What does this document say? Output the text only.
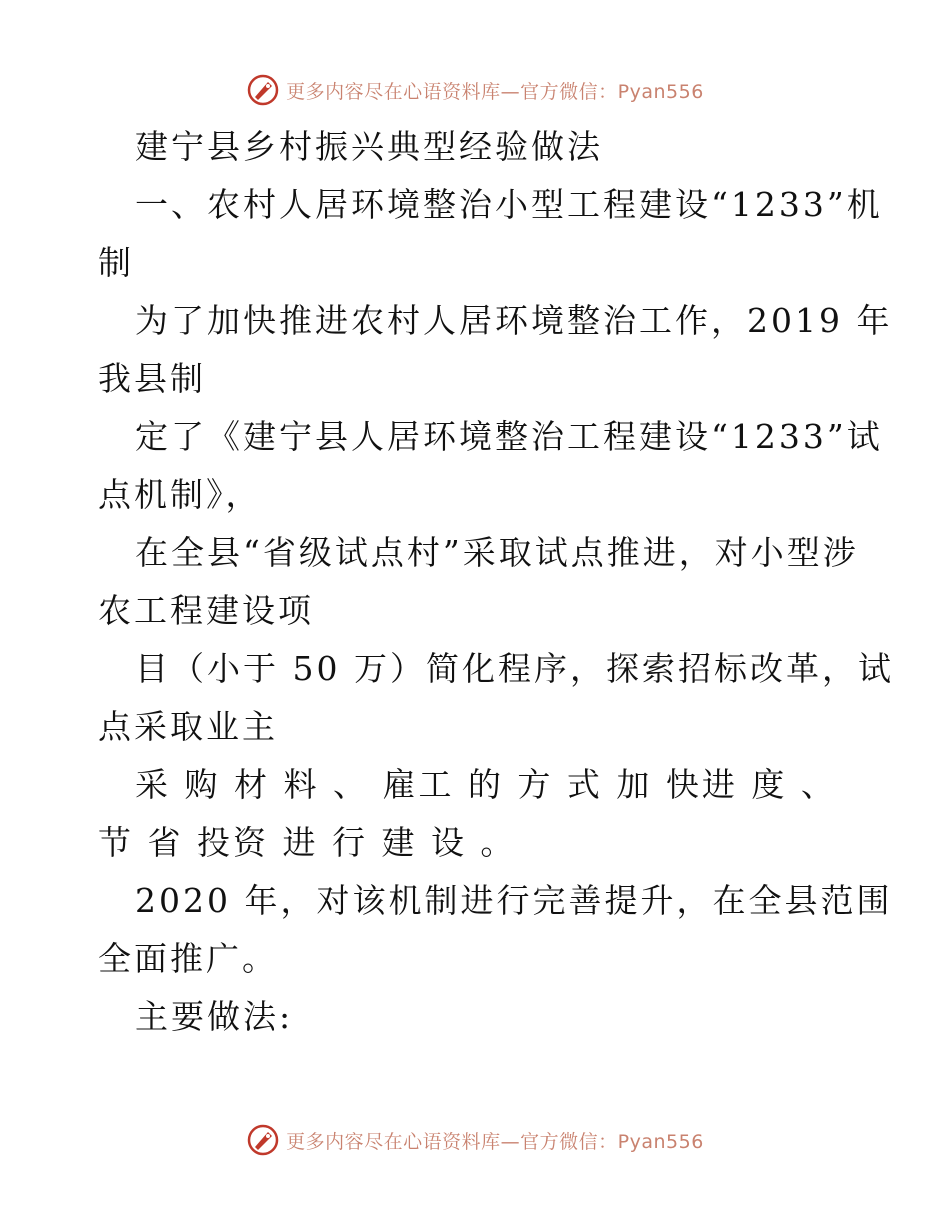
更多内容尽在心语资料库—官方微信：Pyan556
建宁县乡村振兴典型经验做法
一、农村人居环境整治小型工程建设“1233”机
制
为了加快推进农村人居环境整治工作，2019 年
我县制
定了《建宁县人居环境整治工程建设“1233”试
点机制》，
在全县“省级试点村”采取试点推进，对小型涉
农工程建设项
目（小于 50 万）简化程序，探索招标改革，试
点采取业主
采 购 材 料 、 雇工 的 方 式 加 快进 度 、
节 省 投资 进 行 建 设 。
2020 年，对该机制进行完善提升，在全县范围
全面推广。
主要做法:
更多内容尽在心语资料库—官方微信：Pyan556
